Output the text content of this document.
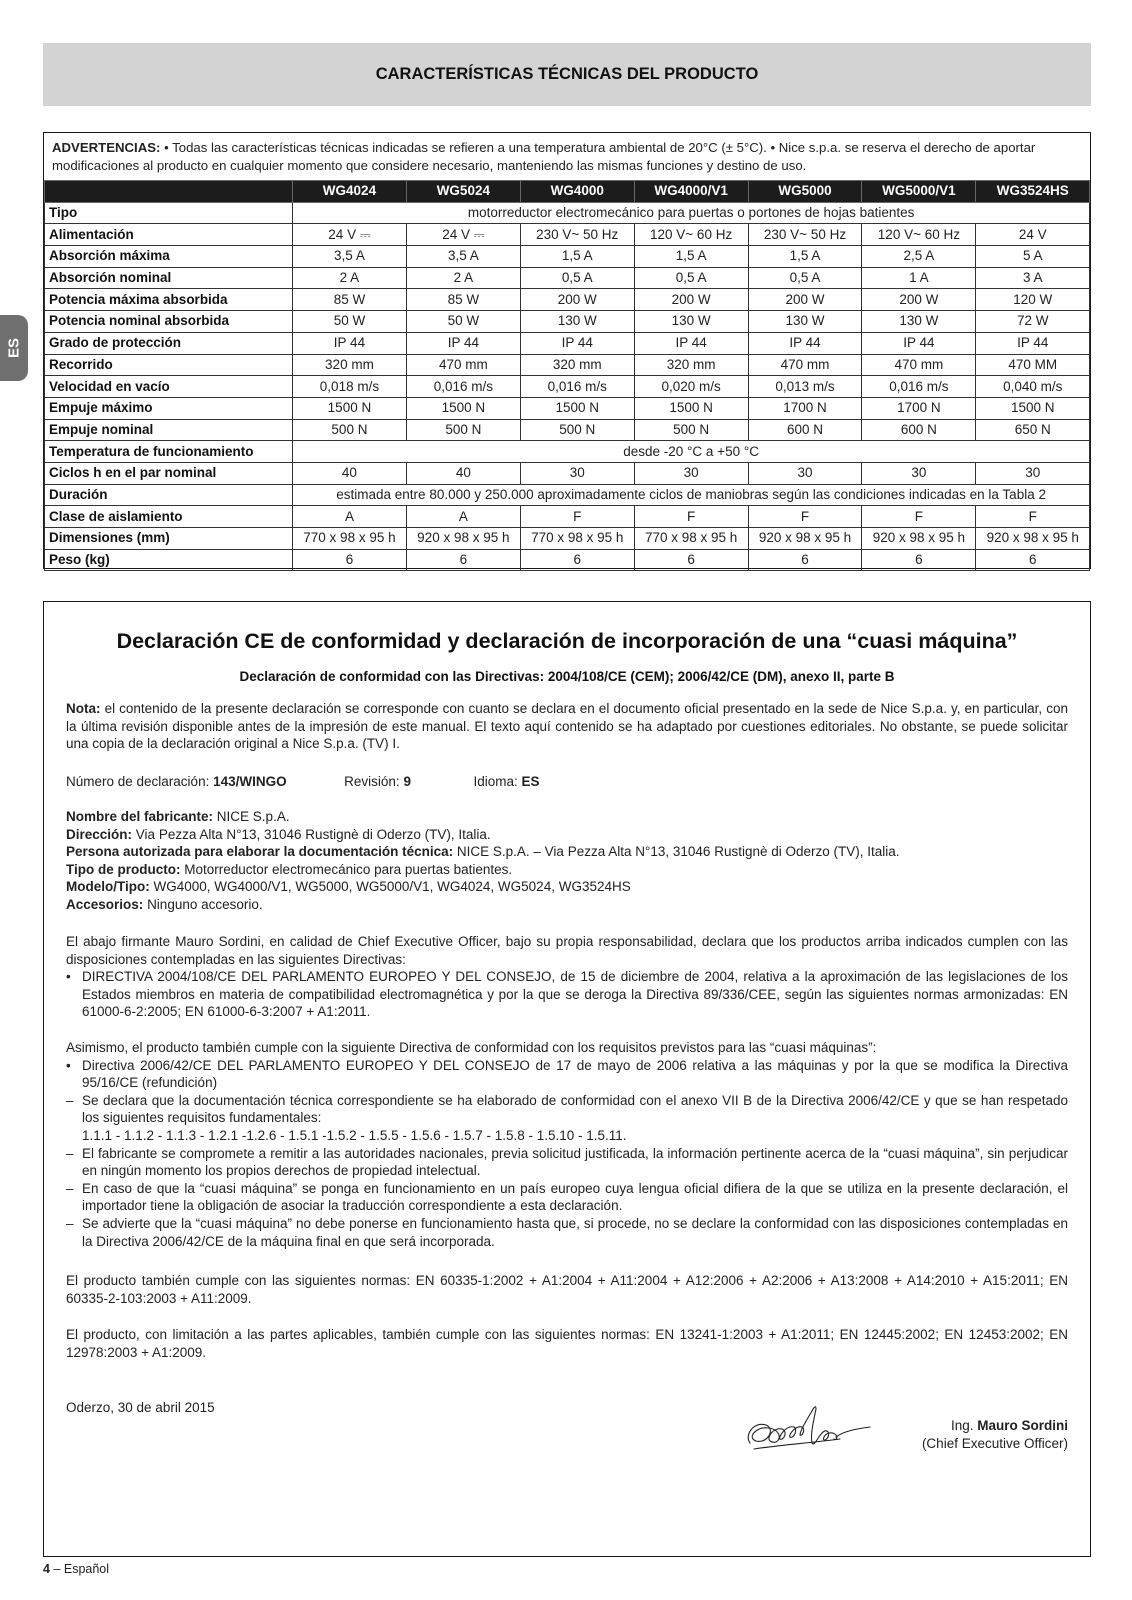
CARACTERÍSTICAS TÉCNICAS DEL PRODUCTO
ES
ADVERTENCIAS: • Todas las características técnicas indicadas se refieren a una temperatura ambiental de 20°C (± 5°C). • Nice s.p.a. se reserva el derecho de aportar modificaciones al producto en cualquier momento que considere necesario, manteniendo las mismas funciones y destino de uso.
	WG4024	WG5024	WG4000	WG4000/V1	WG5000	WG5000/V1	WG3524HS
Tipo	motorreductor electromecánico para puertas o portones de hojas batientes						
Alimentación	24 V ⎓	24 V ⎓	230 V~ 50 Hz	120 V~ 60 Hz	230 V~ 50 Hz	120 V~ 60 Hz	24 V
Absorción máxima	3,5 A	3,5 A	1,5 A	1,5 A	1,5 A	2,5 A	5 A
Absorción nominal	2 A	2 A	0,5 A	0,5 A	0,5 A	1 A	3 A
Potencia máxima absorbida	85 W	85 W	200 W	200 W	200 W	200 W	120 W
Potencia nominal absorbida	50 W	50 W	130 W	130 W	130 W	130 W	72 W
Grado de protección	IP 44	IP 44	IP 44	IP 44	IP 44	IP 44	IP 44
Recorrido	320 mm	470 mm	320 mm	320 mm	470 mm	470 mm	470 MM
Velocidad en vacío	0,018 m/s	0,016 m/s	0,016 m/s	0,020 m/s	0,013 m/s	0,016 m/s	0,040 m/s
Empuje máximo	1500 N	1500 N	1500 N	1500 N	1700 N	1700 N	1500 N
Empuje nominal	500 N	500 N	500 N	500 N	600 N	600 N	650 N
Temperatura de funcionamiento	desde -20 °C a +50 °C						
Ciclos h en el par nominal	40	40	30	30	30	30	30
Duración	estimada entre 80.000 y 250.000 aproximadamente ciclos de maniobras según las condiciones indicadas en la Tabla 2						
Clase de aislamiento	A	A	F	F	F	F	F
Dimensiones (mm)	770 x 98 x 95 h	920 x 98 x 95 h	770 x 98 x 95 h	770 x 98 x 95 h	920 x 98 x 95 h	920 x 98 x 95 h	920 x 98 x 95 h
Peso (kg)	6	6	6	6	6	6	6
Declaración CE de conformidad y declaración de incorporación de una “cuasi máquina”
Declaración de conformidad con las Directivas: 2004/108/CE (CEM); 2006/42/CE (DM), anexo II, parte B
Nota: el contenido de la presente declaración se corresponde con cuanto se declara en el documento oficial presentado en la sede de Nice S.p.a. y, en particular, con la última revisión disponible antes de la impresión de este manual. El texto aquí contenido se ha adaptado por cuestiones editoriales. No obstante, se puede solicitar una copia de la declaración original a Nice S.p.a. (TV) I.
Número de declaración: 143/WINGO	Revisión: 9	Idioma: ES
Nombre del fabricante: NICE S.p.A.
Dirección: Via Pezza Alta N°13, 31046 Rustignè di Oderzo (TV), Italia.
Persona autorizada para elaborar la documentación técnica: NICE S.p.A. – Via Pezza Alta N°13, 31046 Rustignè di Oderzo (TV), Italia.
Tipo de producto: Motorreductor electromecánico para puertas batientes.
Modelo/Tipo: WG4000, WG4000/V1, WG5000, WG5000/V1, WG4024, WG5024, WG3524HS
Accesorios: Ninguno accesorio.
El abajo firmante Mauro Sordini, en calidad de Chief Executive Officer, bajo su propia responsabilidad, declara que los productos arriba indicados cumplen con las disposiciones contempladas en las siguientes Directivas:
• DIRECTIVA 2004/108/CE DEL PARLAMENTO EUROPEO Y DEL CONSEJO, de 15 de diciembre de 2004, relativa a la aproximación de las legislaciones de los Estados miembros en materia de compatibilidad electromagnética y por la que se deroga la Directiva 89/336/CEE, según las siguientes normas armonizadas: EN 61000-6-2:2005; EN 61000-6-3:2007 + A1:2011.
Asimismo, el producto también cumple con la siguiente Directiva de conformidad con los requisitos previstos para las “cuasi máquinas”:
• Directiva 2006/42/CE DEL PARLAMENTO EUROPEO Y DEL CONSEJO de 17 de mayo de 2006 relativa a las máquinas y por la que se modifica la Directiva 95/16/CE (refundición)
– Se declara que la documentación técnica correspondiente se ha elaborado de conformidad con el anexo VII B de la Directiva 2006/42/CE y que se han respetado los siguientes requisitos fundamentales:
1.1.1 - 1.1.2 - 1.1.3 - 1.2.1 -1.2.6 - 1.5.1 -1.5.2 - 1.5.5 - 1.5.6 - 1.5.7 - 1.5.8 - 1.5.10 - 1.5.11.
– El fabricante se compromete a remitir a las autoridades nacionales, previa solicitud justificada, la información pertinente acerca de la “cuasi máquina”, sin perjudicar en ningún momento los propios derechos de propiedad intelectual.
– En caso de que la “cuasi máquina” se ponga en funcionamiento en un país europeo cuya lengua oficial difiera de la que se utiliza en la presente declaración, el importador tiene la obligación de asociar la traducción correspondiente a esta declaración.
– Se advierte que la “cuasi máquina” no debe ponerse en funcionamiento hasta que, si procede, no se declare la conformidad con las disposiciones contempladas en la Directiva 2006/42/CE de la máquina final en que será incorporada.
El producto también cumple con las siguientes normas: EN 60335-1:2002 + A1:2004 + A11:2004 + A12:2006 + A2:2006 + A13:2008 + A14:2010 + A15:2011; EN 60335-2-103:2003 + A11:2009.
El producto, con limitación a las partes aplicables, también cumple con las siguientes normas: EN 13241-1:2003 + A1:2011; EN 12445:2002; EN 12453:2002; EN 12978:2003 + A1:2009.
Oderzo, 30 de abril 2015
Ing. Mauro Sordini
(Chief Executive Officer)
4 – Español
